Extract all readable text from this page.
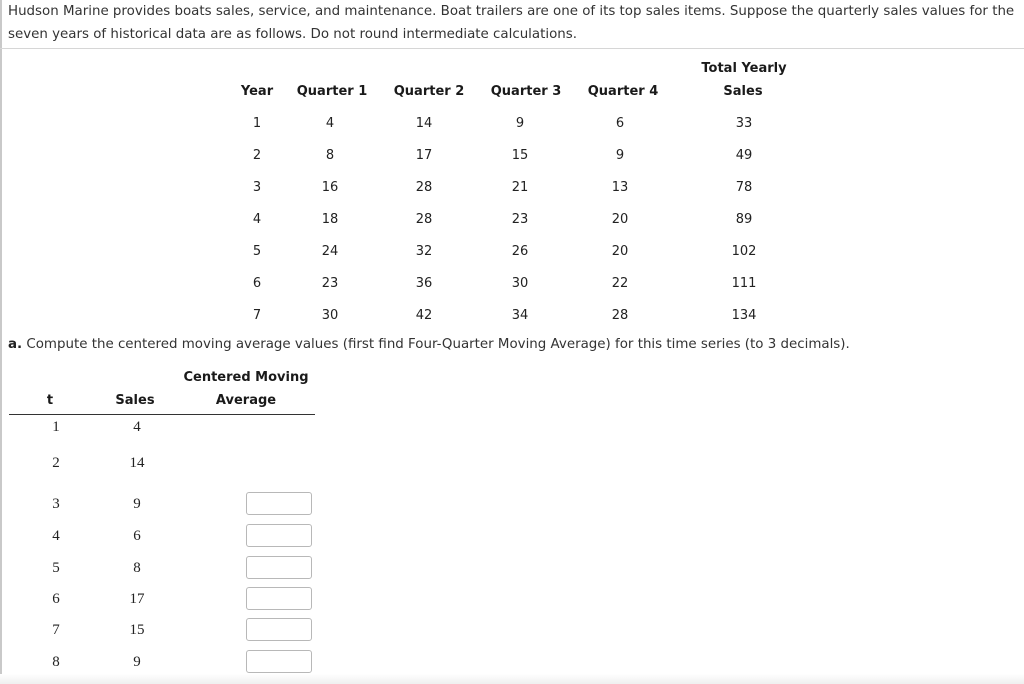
Hudson Marine provides boats sales, service, and maintenance. Boat trailers are one of its top sales items. Suppose the quarterly sales values for the seven years of historical data are as follows. Do not round intermediate calculations.
Total Yearly
Year Quarter 1 Quarter 2 Quarter 3 Quarter 4	Sales
1	4	14	9	6	33
2	8	17	15	9	49
3	16	28	21	13	78
4	18	28	23	20	89
5	24	32	26	20	102
6	23	36	30	22	111
7	30	42	34	28	134
a. Compute the centered moving average values (first find Four-Quarter Moving Average) for this time series (to 3 decimals).
Centered Moving
t	Sales	Average
1	4
2	14
3	9
4	6
5	8
6	17
7	15
8	9
